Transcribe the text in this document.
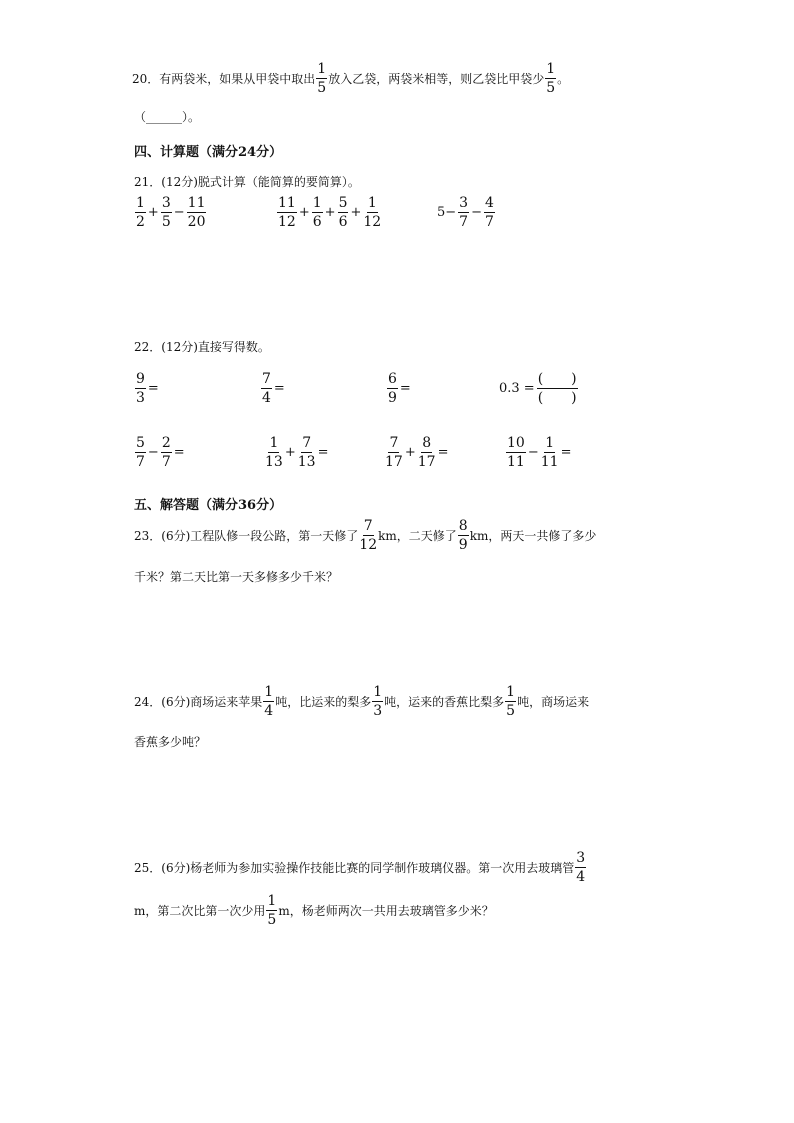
20．有两袋米，如果从甲袋中取出 $\frac{1}{5}$ 放入乙袋，两袋米相等，则乙袋比甲袋少 $\frac{1}{5}$ 。
（______）。
四、计算题（满分24分）
21．(12分)脱式计算（能简算的要简算）。
$\frac{1}{2} + \frac{3}{5} - \frac{11}{20}$	$\frac{11}{12} + \frac{1}{6} + \frac{5}{6} + \frac{1}{12}$	$5- \frac{3}{7} - \frac{4}{7}$
22．(12分)直接写得数。
$\frac{9}{3}$ =	$\frac{7}{4}$ =	$\frac{6}{9}$ =	$0.3 = \frac{( )}{( )}$
$\frac{5}{7} - \frac{2}{7}$ =	$\frac{1}{13} + \frac{7}{13}$ =	$\frac{7}{17} + \frac{8}{17}$ =	$\frac{10}{11} - \frac{1}{11}$ =
五、解答题（满分36分）
23．(6分)工程队修一段公路，第一天修了 $\frac{7}{12}$ km，二天修了 $\frac{8}{9}$ km，两天一共修了多少
千米？第二天比第一天多修多少千米？
24．(6分)商场运来苹果 $\frac{1}{4}$ 吨，比运来的梨多 $\frac{1}{3}$ 吨，运来的香蕉比梨多 $\frac{1}{5}$ 吨，商场运来
香蕉多少吨？
25．(6分)杨老师为参加实验操作技能比赛的同学制作玻璃仪器。第一次用去玻璃管 $\frac{3}{4}$
m，第二次比第一次少用 $\frac{1}{5}$ m，杨老师两次一共用去玻璃管多少米？
